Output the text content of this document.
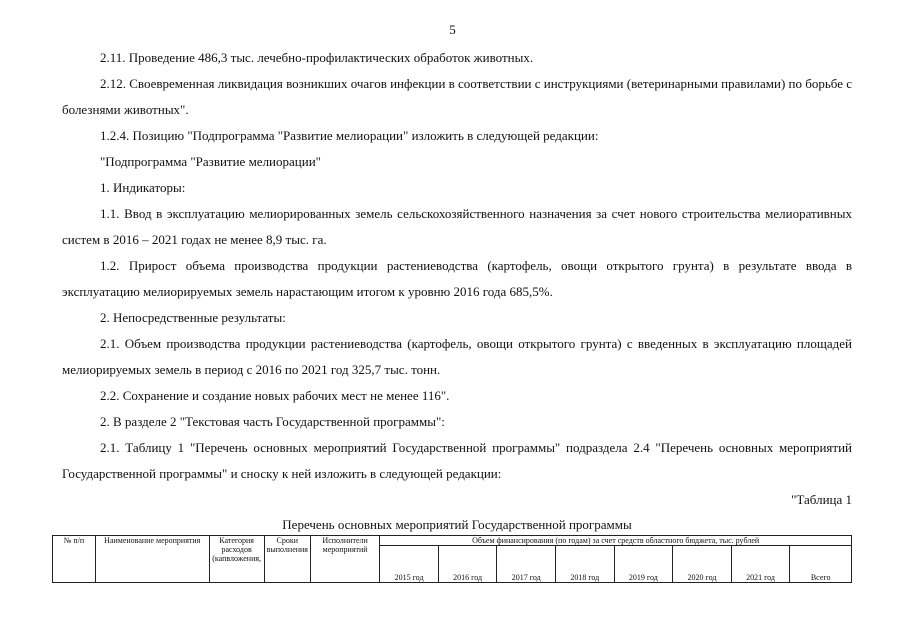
5
2.11. Проведение 486,3 тыс. лечебно-профилактических обработок животных.
2.12. Своевременная ликвидация возникших очагов инфекции в соответствии с инструкциями (ветеринарными правилами) по борьбе с болезнями животных".
1.2.4. Позицию "Подпрограмма "Развитие мелиорации" изложить в следующей редакции:
"Подпрограмма "Развитие мелиорации"
1. Индикаторы:
1.1. Ввод в эксплуатацию мелиорированных земель сельскохозяйственного назначения за счет нового строительства мелиоративных систем в 2016 – 2021 годах не менее 8,9 тыс. га.
1.2. Прирост объема производства продукции растениеводства (картофель, овощи открытого грунта) в результате ввода в эксплуатацию мелиорируемых земель нарастающим итогом к уровню 2016 года 685,5%.
2. Непосредственные результаты:
2.1. Объем производства продукции растениеводства (картофель, овощи открытого грунта) с введенных в эксплуатацию площадей мелиорируемых земель в период с 2016 по 2021 год 325,7 тыс. тонн.
2.2. Сохранение и создание новых рабочих мест не менее 116".
2. В разделе 2 "Текстовая часть Государственной программы":
2.1. Таблицу 1 "Перечень основных мероприятий Государственной программы" подраздела 2.4 "Перечень основных мероприятий Государственной программы" и сноску к ней изложить в следующей редакции:
"Таблица 1
Перечень основных мероприятий Государственной программы
№ п/п	Наименование мероприятия	Категория расходов (капвложения,	Сроки выполнения	Исполнители мероприятий	Объем финансирования (по годам) за счет средств областного бюджета, тыс. рублей							
					2015 год	2016 год	2017 год	2018 год	2019 год	2020 год	2021 год	Всего
